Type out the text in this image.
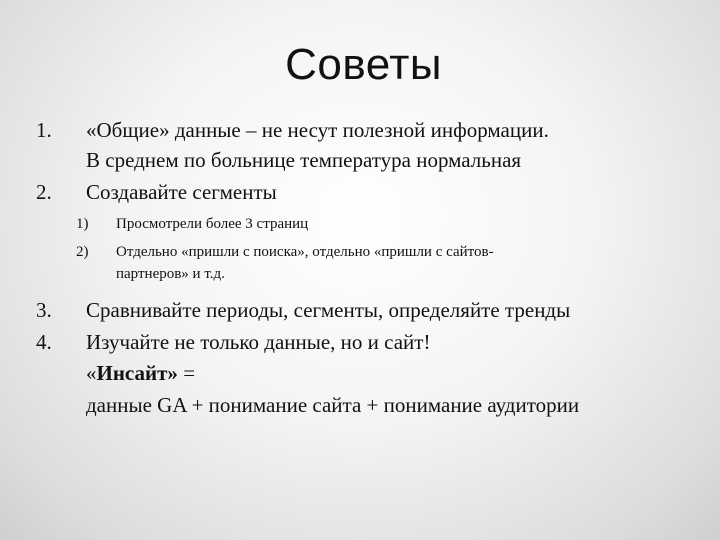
Советы
1. «Общие» данные – не несут полезной информации.
В среднем по больнице температура нормальная
2. Создавайте сегменты
1) Просмотрели более 3 страниц
2) Отдельно «пришли с поиска», отдельно «пришли с сайтов-
партнеров» и т.д.
3. Сравнивайте периоды, сегменты, определяйте тренды
4. Изучайте не только данные, но и сайт!
«Инсайт» =
данные GA + понимание сайта + понимание аудитории
